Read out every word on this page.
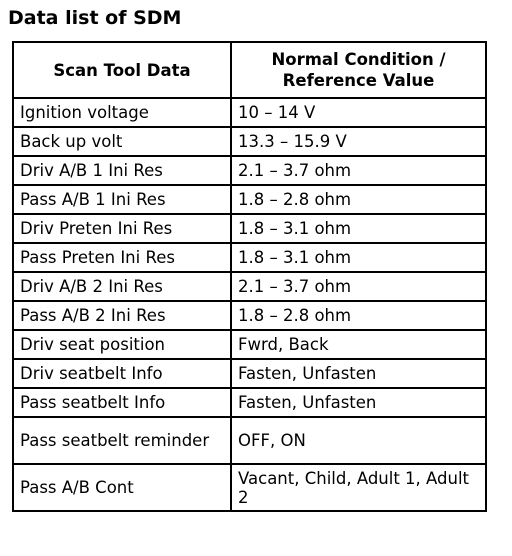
Data list of SDM
Scan Tool Data	Normal Condition / Reference Value
Ignition voltage	10 – 14 V
Back up volt	13.3 – 15.9 V
Driv A/B 1 Ini Res	2.1 – 3.7 ohm
Pass A/B 1 Ini Res	1.8 – 2.8 ohm
Driv Preten Ini Res	1.8 – 3.1 ohm
Pass Preten Ini Res	1.8 – 3.1 ohm
Driv A/B 2 Ini Res	2.1 – 3.7 ohm
Pass A/B 2 Ini Res	1.8 – 2.8 ohm
Driv seat position	Fwrd, Back
Driv seatbelt Info	Fasten, Unfasten
Pass seatbelt Info	Fasten, Unfasten
Pass seatbelt reminder	OFF, ON
Pass A/B Cont	Vacant, Child, Adult 1, Adult 2
